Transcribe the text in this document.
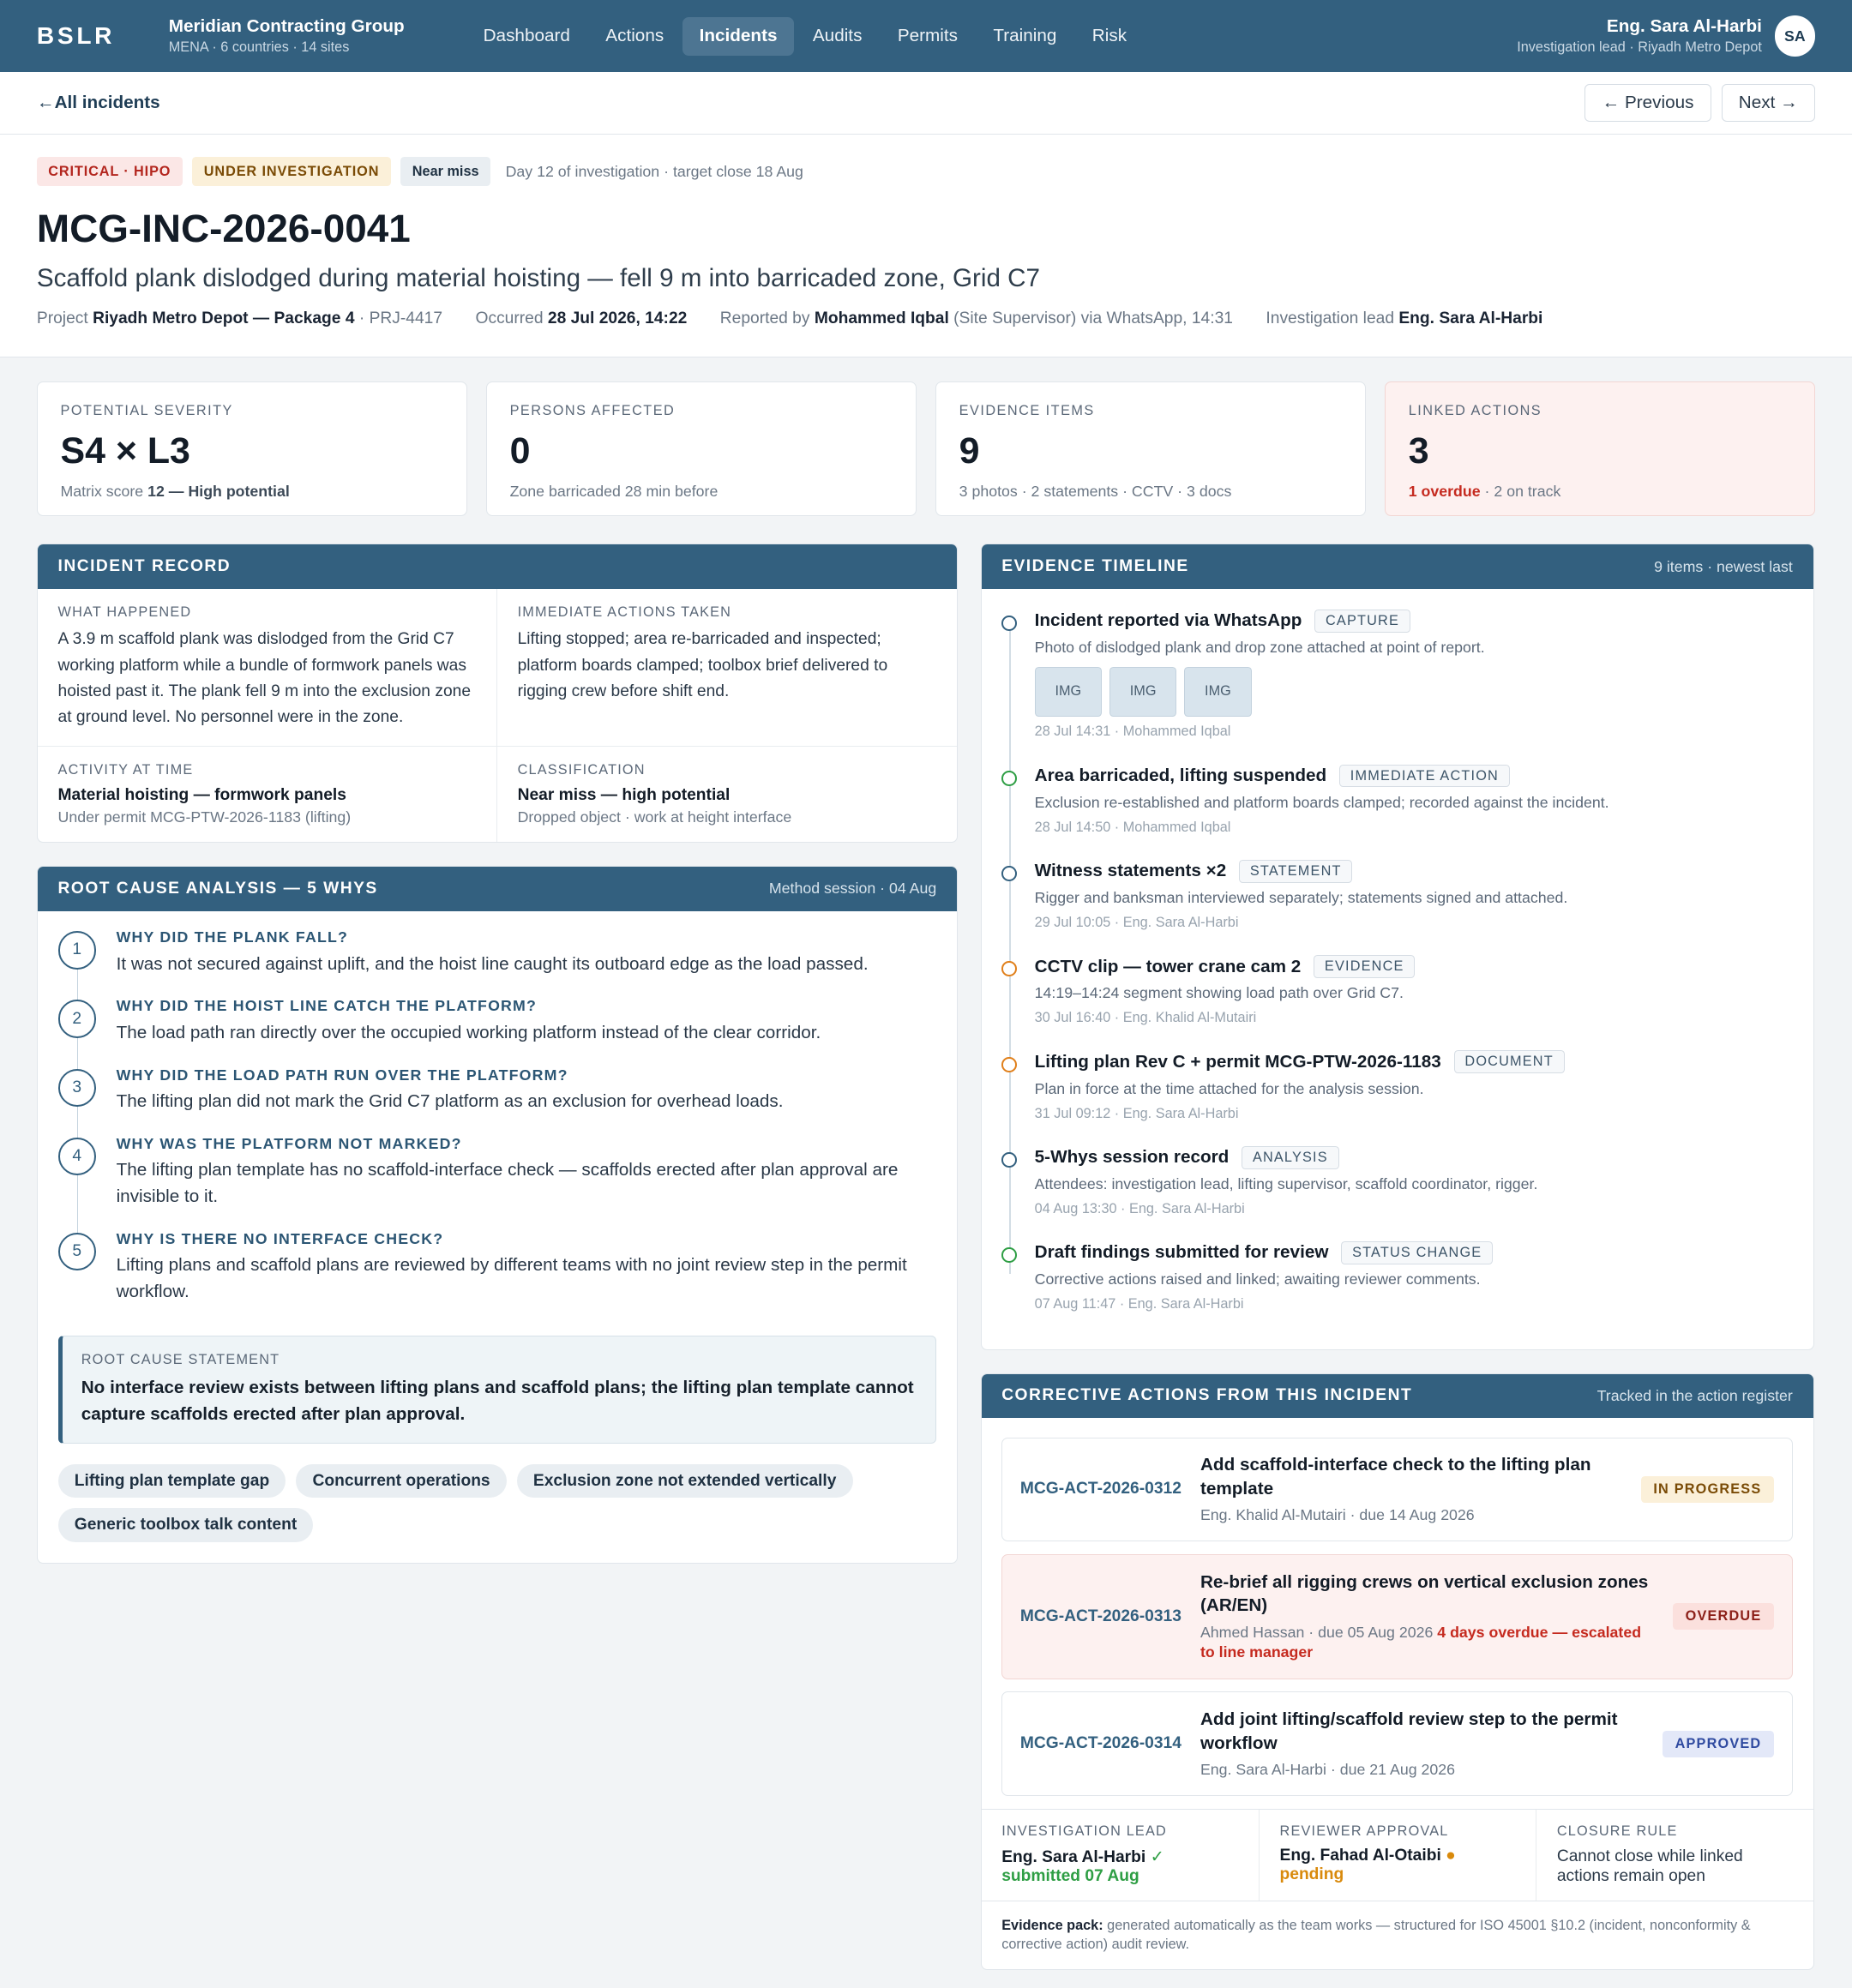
BSLR	Meridian Contracting Group
MENA · 6 countries · 14 sites
Dashboard	Actions	Incidents	Audits	Permits	Training	Risk	Eng. Sara Al-Harbi
Investigation lead · Riyadh Metro Depot
SA
←All incidents	← Previous	Next →
CRITICAL · HIPO	UNDER INVESTIGATION	Near miss	Day 12 of investigation · target close 18 Aug
MCG-INC-2026-0041
Scaffold plank dislodged during material hoisting — fell 9 m into barricaded zone, Grid C7
Project Riyadh Metro Depot — Package 4 · PRJ-4417	Occurred 28 Jul 2026, 14:22	Reported by Mohammed Iqbal (Site Supervisor) via WhatsApp, 14:31	Investigation lead Eng. Sara Al-Harbi
POTENTIAL SEVERITY
S4 × L3
Matrix score 12 — High potential
PERSONS AFFECTED
0
Zone barricaded 28 min before
EVIDENCE ITEMS
9
3 photos · 2 statements · CCTV · 3 docs
LINKED ACTIONS
3
1 overdue · 2 on track
INCIDENT RECORD
WHAT HAPPENED
A 3.9 m scaffold plank was dislodged from the Grid C7 working platform while a bundle of formwork panels was hoisted past it. The plank fell 9 m into the exclusion zone at ground level. No personnel were in the zone.
IMMEDIATE ACTIONS TAKEN
Lifting stopped; area re-barricaded and inspected; platform boards clamped; toolbox brief delivered to rigging crew before shift end.
ACTIVITY AT TIME
Material hoisting — formwork panels
Under permit MCG-PTW-2026-1183 (lifting)
CLASSIFICATION
Near miss — high potential
Dropped object · work at height interface
ROOT CAUSE ANALYSIS — 5 WHYS	Method session · 04 Aug
1
WHY DID THE PLANK FALL?
It was not secured against uplift, and the hoist line caught its outboard edge as the load passed.
2
WHY DID THE HOIST LINE CATCH THE PLATFORM?
The load path ran directly over the occupied working platform instead of the clear corridor.
3
WHY DID THE LOAD PATH RUN OVER THE PLATFORM?
The lifting plan did not mark the Grid C7 platform as an exclusion for overhead loads.
4
WHY WAS THE PLATFORM NOT MARKED?
The lifting plan template has no scaffold-interface check — scaffolds erected after plan approval are invisible to it.
5
WHY IS THERE NO INTERFACE CHECK?
Lifting plans and scaffold plans are reviewed by different teams with no joint review step in the permit workflow.
ROOT CAUSE STATEMENT
No interface review exists between lifting plans and scaffold plans; the lifting plan template cannot capture scaffolds erected after plan approval.
Lifting plan template gap	Concurrent operations	Exclusion zone not extended vertically
Generic toolbox talk content
EVIDENCE TIMELINE	9 items · newest last
Incident reported via WhatsApp	CAPTURE
Photo of dislodged plank and drop zone attached at point of report.
IMG	IMG	IMG
28 Jul 14:31 · Mohammed Iqbal
Area barricaded, lifting suspended	IMMEDIATE ACTION
Exclusion re-established and platform boards clamped; recorded against the incident.
28 Jul 14:50 · Mohammed Iqbal
Witness statements ×2	STATEMENT
Rigger and banksman interviewed separately; statements signed and attached.
29 Jul 10:05 · Eng. Sara Al-Harbi
CCTV clip — tower crane cam 2	EVIDENCE
14:19–14:24 segment showing load path over Grid C7.
30 Jul 16:40 · Eng. Khalid Al-Mutairi
Lifting plan Rev C + permit MCG-PTW-2026-1183	DOCUMENT
Plan in force at the time attached for the analysis session.
31 Jul 09:12 · Eng. Sara Al-Harbi
5-Whys session record	ANALYSIS
Attendees: investigation lead, lifting supervisor, scaffold coordinator, rigger.
04 Aug 13:30 · Eng. Sara Al-Harbi
Draft findings submitted for review	STATUS CHANGE
Corrective actions raised and linked; awaiting reviewer comments.
07 Aug 11:47 · Eng. Sara Al-Harbi
CORRECTIVE ACTIONS FROM THIS INCIDENT	Tracked in the action register
MCG-ACT-2026-0312
Add scaffold-interface check to the lifting plan template
Eng. Khalid Al-Mutairi · due 14 Aug 2026
IN PROGRESS
MCG-ACT-2026-0313
Re-brief all rigging crews on vertical exclusion zones (AR/EN)
Ahmed Hassan · due 05 Aug 2026 4 days overdue — escalated to line manager
OVERDUE
MCG-ACT-2026-0314
Add joint lifting/scaffold review step to the permit workflow
Eng. Sara Al-Harbi · due 21 Aug 2026
APPROVED
INVESTIGATION LEAD
Eng. Sara Al-Harbi ✓
submitted 07 Aug
REVIEWER APPROVAL
Eng. Fahad Al-Otaibi ●
pending
CLOSURE RULE
Cannot close while linked actions remain open
Evidence pack: generated automatically as the team works — structured for ISO 45001 §10.2 (incident, nonconformity & corrective action) audit review.
